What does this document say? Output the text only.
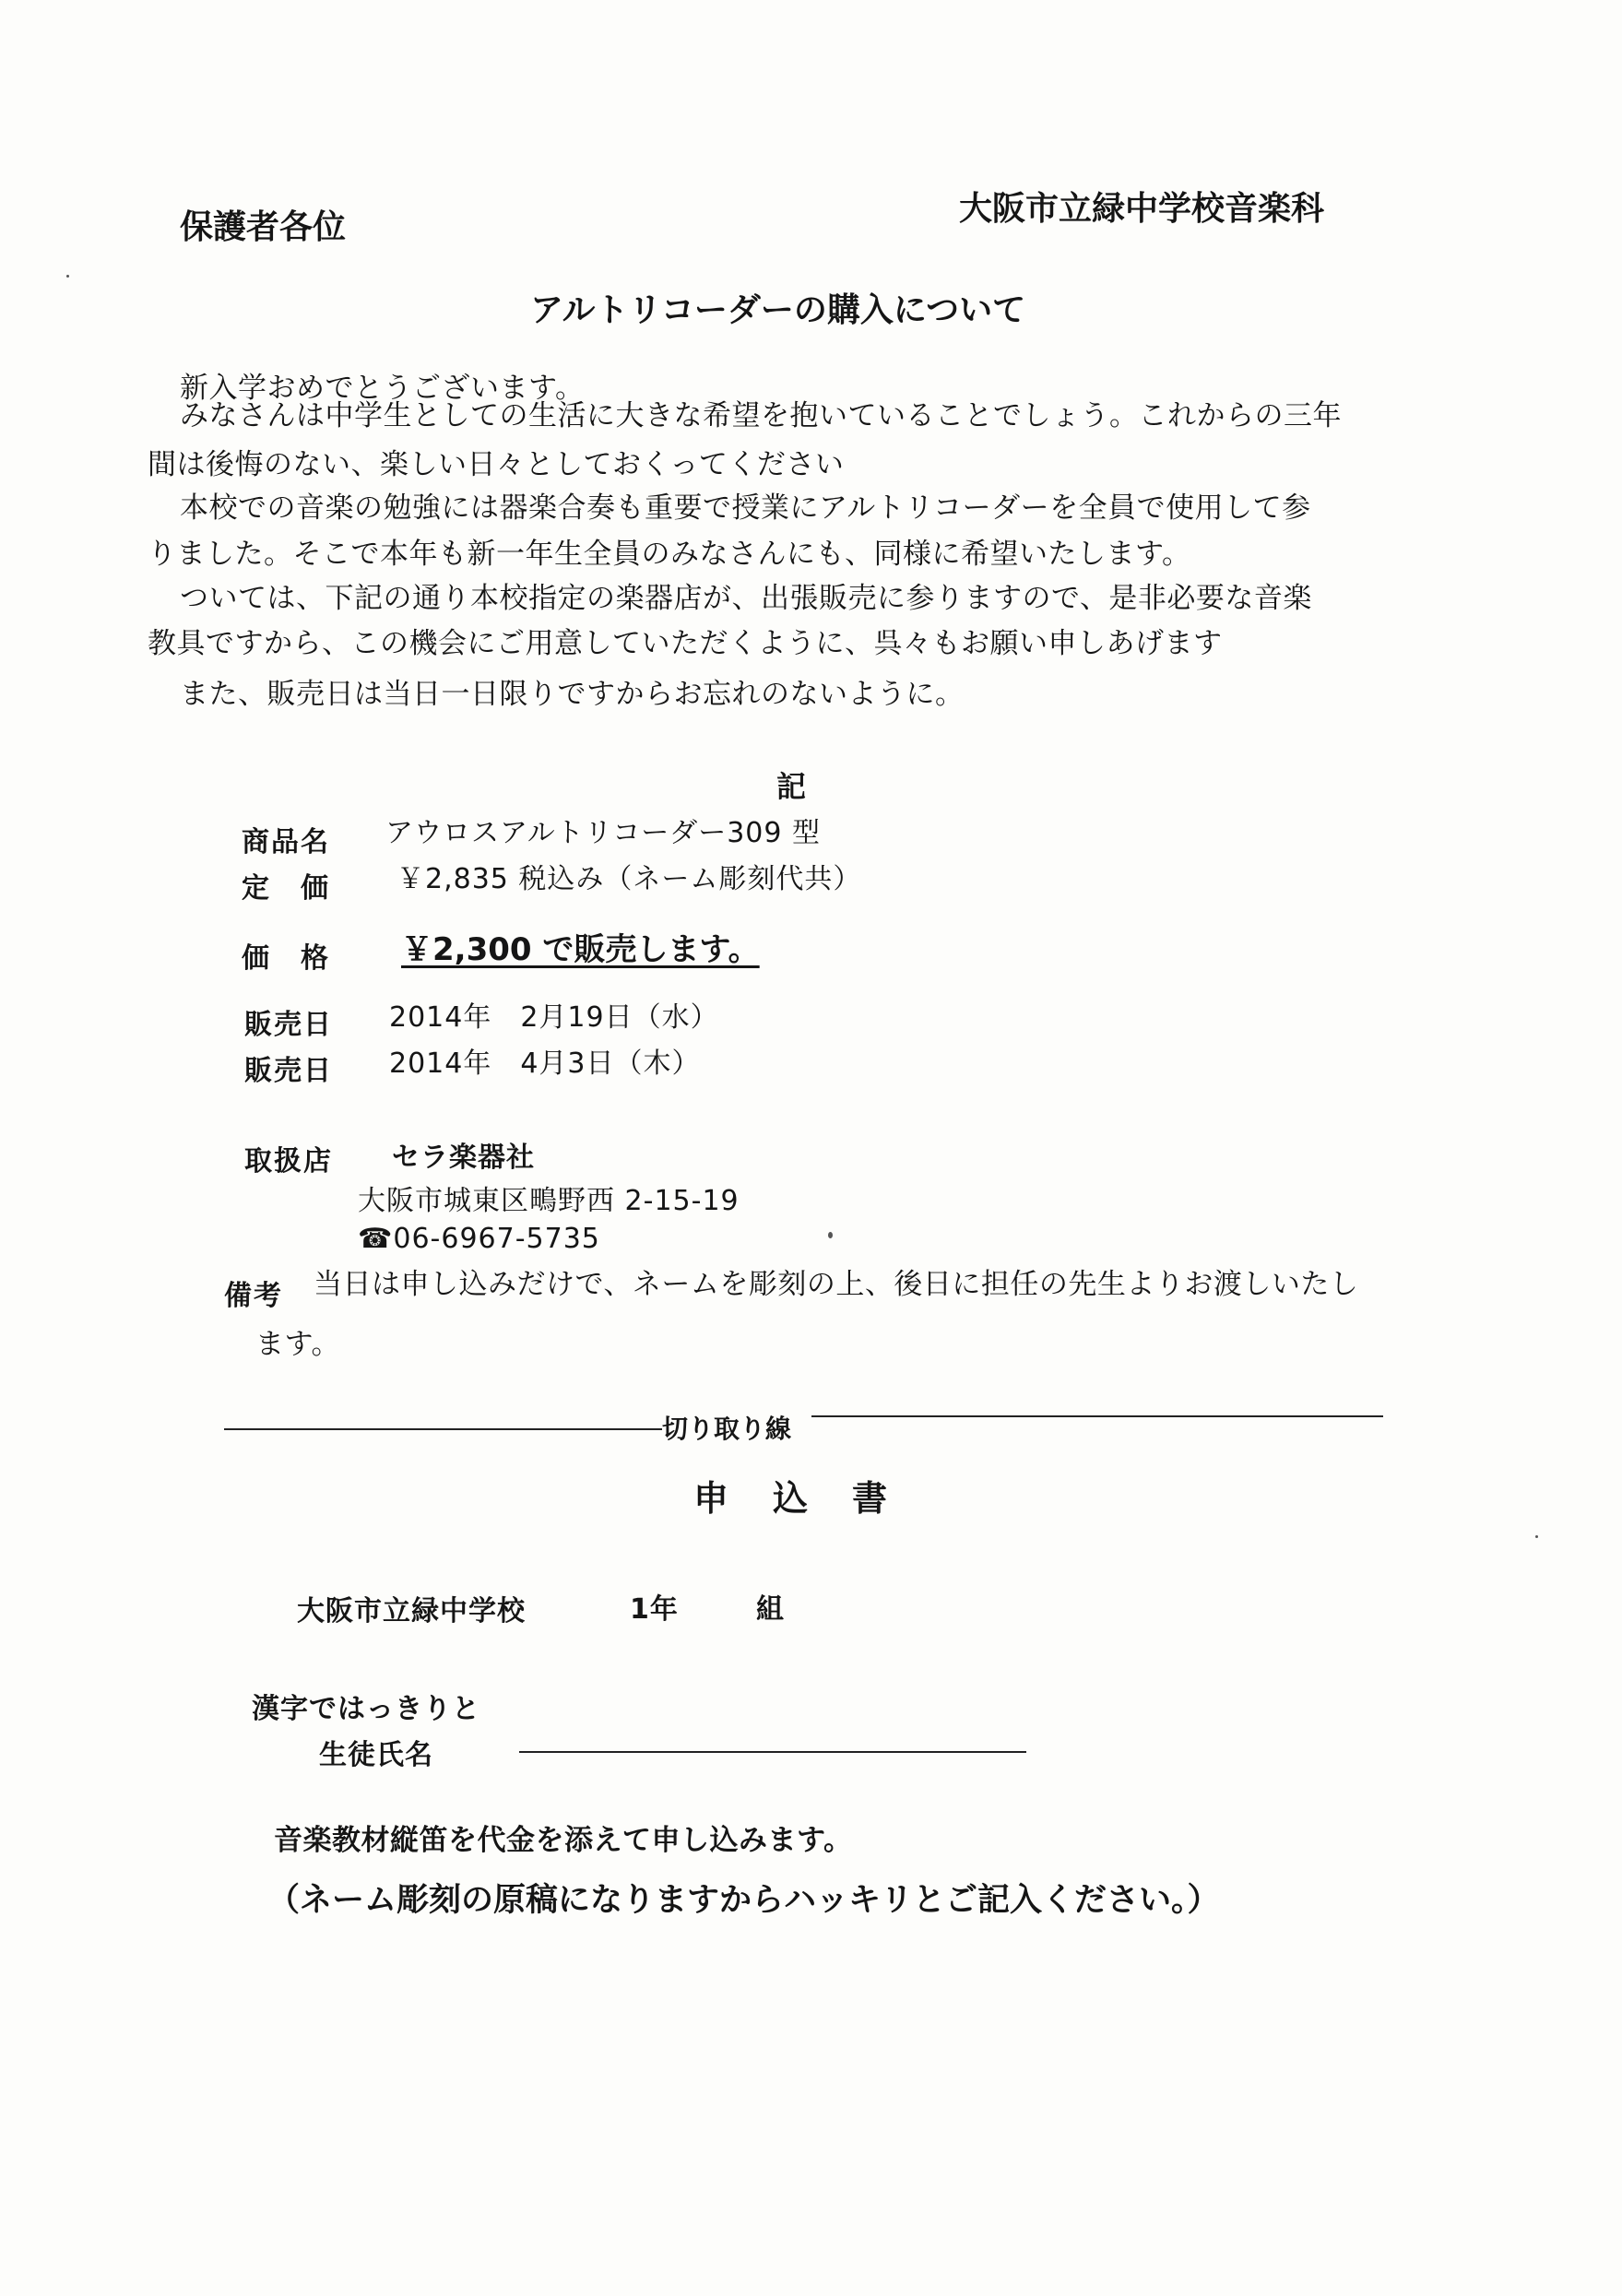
保護者各位	大阪市立緑中学校音楽科
アルトリコーダーの購入について
新入学おめでとうございます。
みなさんは中学生としての生活に大きな希望を抱いていることでしょう。これからの三年
間は後悔のない、楽しい日々としておくってください
本校での音楽の勉強には器楽合奏も重要で授業にアルトリコーダーを全員で使用して参
りました。そこで本年も新一年生全員のみなさんにも、同様に希望いたします。
ついては、下記の通り本校指定の楽器店が、出張販売に参りますので、是非必要な音楽
教具ですから、この機会にご用意していただくように、呉々もお願い申しあげます
また、販売日は当日一日限りですからお忘れのないように。
記
商品名 アウロスアルトリコーダー309 型
定　価 ￥2,835 税込み（ネーム彫刻代共）
価　格 ￥2,300 で販売します。
販売日 2014年　2月19日（水）
販売日 2014年　4月3日（木）
取扱店 セラ楽器社
大阪市城東区鴫野西 2-15-19
☎06-6967-5735
備考 当日は申し込みだけで、ネームを彫刻の上、後日に担任の先生よりお渡しいたし
ます。
切り取り線
申込書
大阪市立緑中学校	1年	組
漢字ではっきりと
生徒氏名
音楽教材縦笛を代金を添えて申し込みます。
（ネーム彫刻の原稿になりますからハッキリとご記入ください。）
